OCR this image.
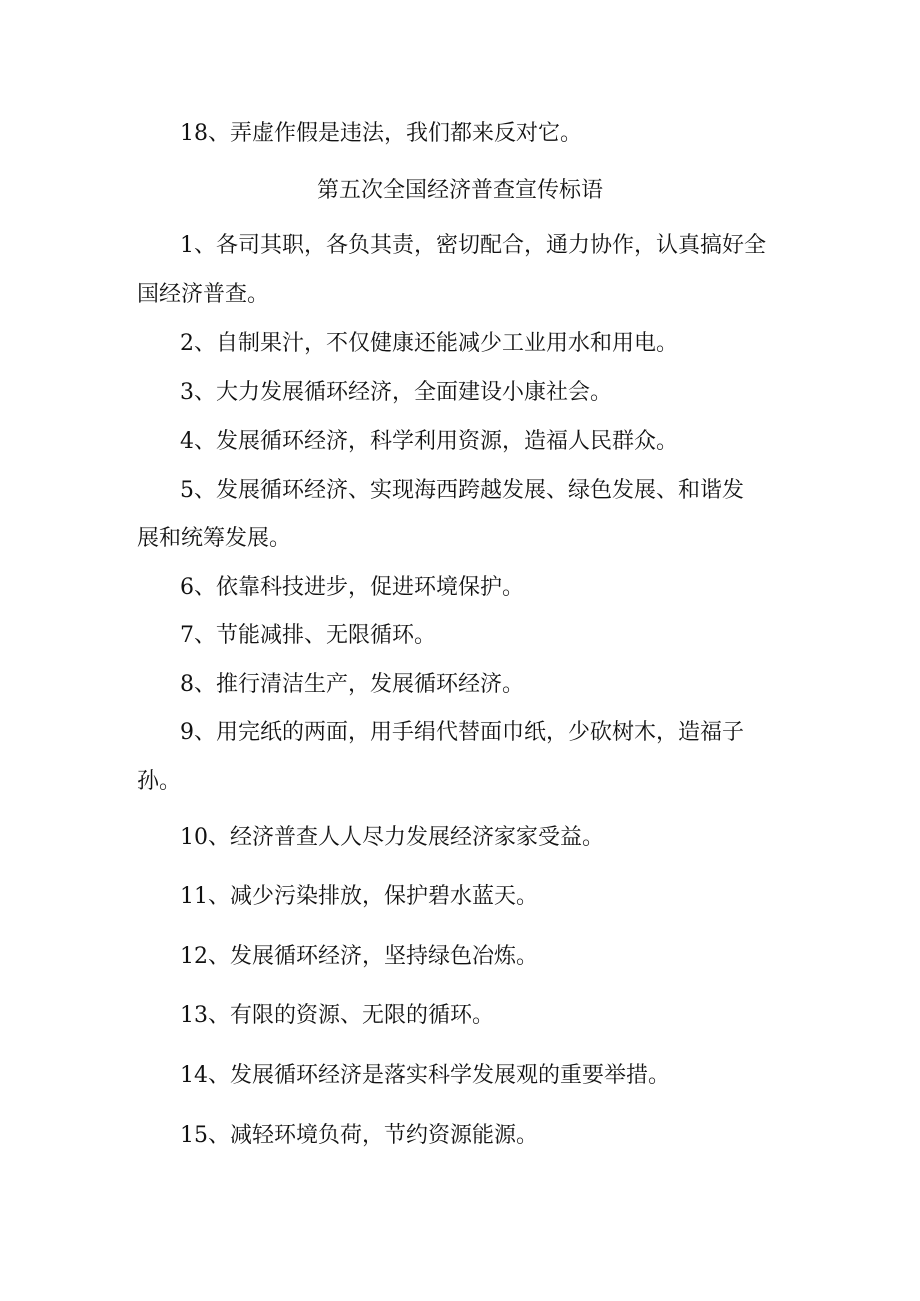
18、弄虚作假是违法，我们都来反对它。
第五次全国经济普查宣传标语
1、各司其职，各负其责，密切配合，通力协作，认真搞好全
国经济普查。
2、自制果汁，不仅健康还能减少工业用水和用电。
3、大力发展循环经济，全面建设小康社会。
4、发展循环经济，科学利用资源，造福人民群众。
5、发展循环经济、实现海西跨越发展、绿色发展、和谐发
展和统筹发展。
6、依靠科技进步，促进环境保护。
7、节能减排、无限循环。
8、推行清洁生产，发展循环经济。
9、用完纸的两面，用手绢代替面巾纸，少砍树木，造福子
孙。
10、经济普查人人尽力发展经济家家受益。
11、减少污染排放，保护碧水蓝天。
12、发展循环经济，坚持绿色冶炼。
13、有限的资源、无限的循环。
14、发展循环经济是落实科学发展观的重要举措。
15、减轻环境负荷，节约资源能源。
